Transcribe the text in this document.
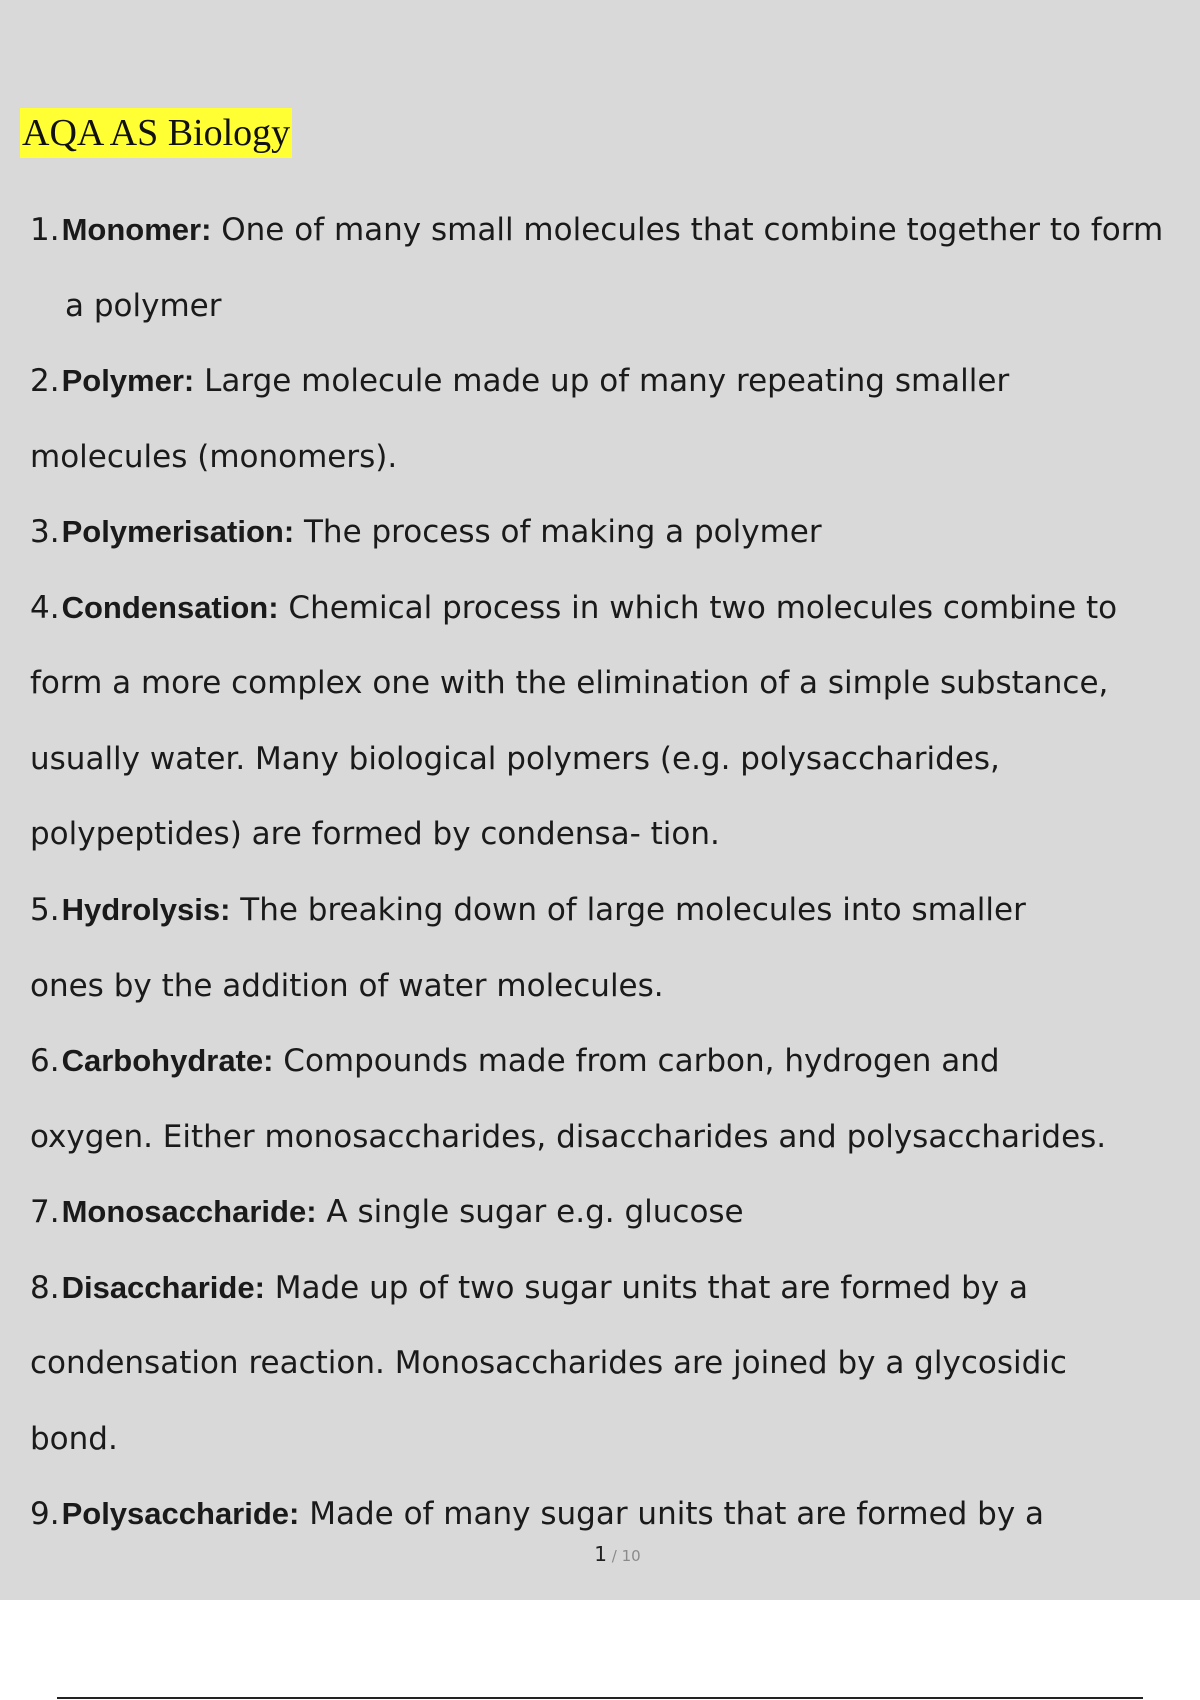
AQA AS Biology
1.Monomer: One of many small molecules that combine together to form
a polymer
2.Polymer: Large molecule made up of many repeating smaller
molecules (monomers).
3.Polymerisation: The process of making a polymer
4.Condensation: Chemical process in which two molecules combine to
form a more complex one with the elimination of a simple substance,
usually water. Many biological polymers (e.g. polysaccharides,
polypeptides) are formed by condensa- tion.
5.Hydrolysis: The breaking down of large molecules into smaller
ones by the addition of water molecules.
6.Carbohydrate: Compounds made from carbon, hydrogen and
oxygen. Either monosaccharides, disaccharides and polysaccharides.
7.Monosaccharide: A single sugar e.g. glucose
8.Disaccharide: Made up of two sugar units that are formed by a
condensation reaction. Monosaccharides are joined by a glycosidic
bond.
9.Polysaccharide: Made of many sugar units that are formed by a
1 / 10
